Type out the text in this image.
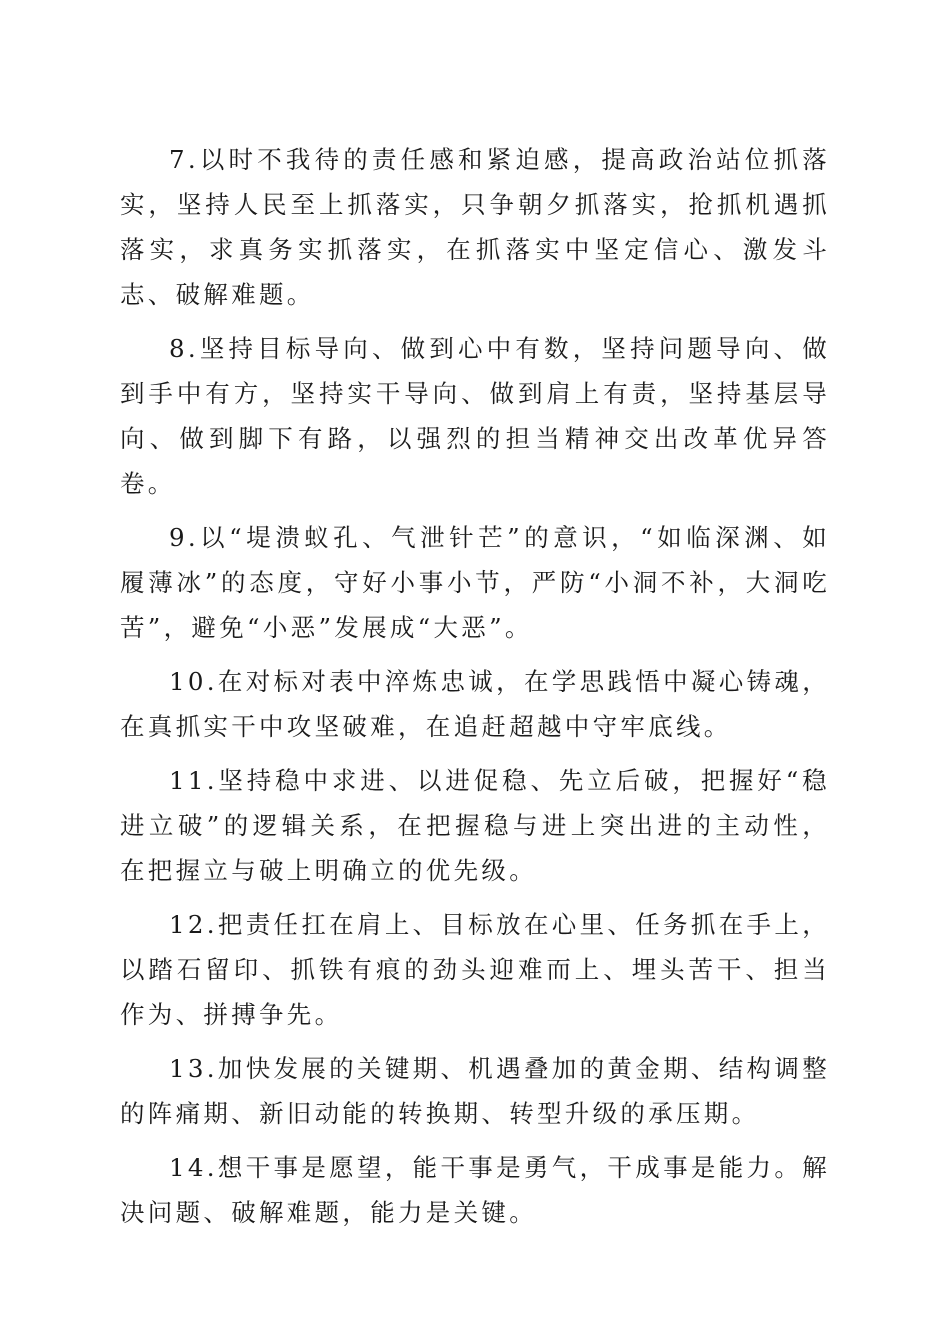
7.以时不我待的责任感和紧迫感，提高政治站位抓落实，坚持人民至上抓落实，只争朝夕抓落实，抢抓机遇抓落实，求真务实抓落实，在抓落实中坚定信心、激发斗志、破解难题。

8.坚持目标导向、做到心中有数，坚持问题导向、做到手中有方，坚持实干导向、做到肩上有责，坚持基层导向、做到脚下有路，以强烈的担当精神交出改革优异答卷。

9.以“堤溃蚁孔、气泄针芒”的意识，“如临深渊、如履薄冰”的态度，守好小事小节，严防“小洞不补，大洞吃苦”，避免“小恶”发展成“大恶”。

10.在对标对表中淬炼忠诚，在学思践悟中凝心铸魂，在真抓实干中攻坚破难，在追赶超越中守牢底线。

11.坚持稳中求进、以进促稳、先立后破，把握好“稳进立破”的逻辑关系，在把握稳与进上突出进的主动性，在把握立与破上明确立的优先级。

12.把责任扛在肩上、目标放在心里、任务抓在手上，以踏石留印、抓铁有痕的劲头迎难而上、埋头苦干、担当作为、拼搏争先。

13.加快发展的关键期、机遇叠加的黄金期、结构调整的阵痛期、新旧动能的转换期、转型升级的承压期。

14.想干事是愿望，能干事是勇气，干成事是能力。解决问题、破解难题，能力是关键。
